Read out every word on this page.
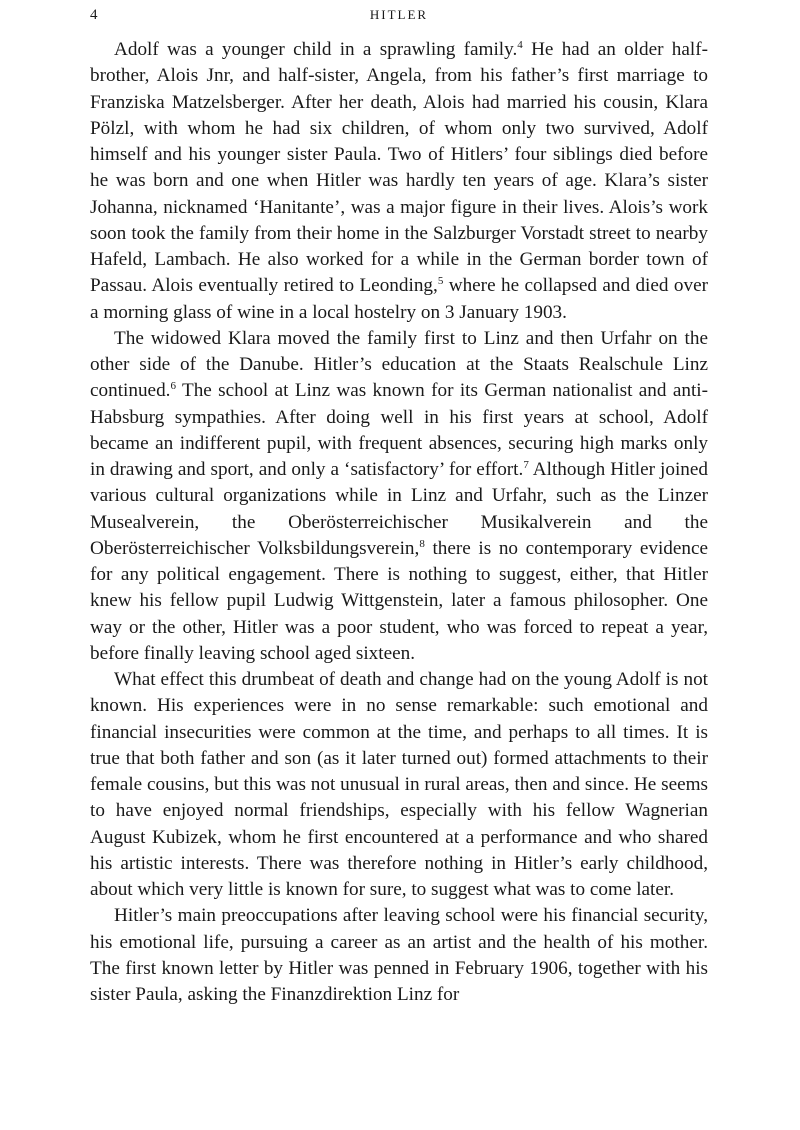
4	HITLER

Adolf was a younger child in a sprawling family.$^4$ He had an older half-brother, Alois Jnr, and half-sister, Angela, from his father’s first marriage to Franziska Matzelsberger. After her death, Alois had married his cousin, Klara Pölzl, with whom he had six children, of whom only two survived, Adolf himself and his younger sister Paula. Two of Hitlers’ four siblings died before he was born and one when Hitler was hardly ten years of age. Klara’s sister Johanna, nicknamed ‘Hanitante’, was a major figure in their lives. Alois’s work soon took the family from their home in the Salzburger Vorstadt street to nearby Hafeld, Lambach. He also worked for a while in the German border town of Passau. Alois eventually retired to Leonding,$^5$ where he collapsed and died over a morning glass of wine in a local hostelry on 3 January 1903.

The widowed Klara moved the family first to Linz and then Urfahr on the other side of the Danube. Hitler’s education at the Staats Realschule Linz continued.$^6$ The school at Linz was known for its German nationalist and anti-Habsburg sympathies. After doing well in his first years at school, Adolf became an indifferent pupil, with frequent absences, securing high marks only in drawing and sport, and only a ‘satisfactory’ for effort.$^7$ Although Hitler joined various cultural organizations while in Linz and Urfahr, such as the Linzer Musealverein, the Oberösterreichischer Musikalverein and the Oberösterreichischer Volksbildungsverein,$^8$ there is no contemporary evidence for any political engagement. There is nothing to suggest, either, that Hitler knew his fellow pupil Ludwig Wittgenstein, later a famous philosopher. One way or the other, Hitler was a poor student, who was forced to repeat a year, before finally leaving school aged sixteen.

What effect this drumbeat of death and change had on the young Adolf is not known. His experiences were in no sense remarkable: such emotional and financial insecurities were common at the time, and perhaps to all times. It is true that both father and son (as it later turned out) formed attachments to their female cousins, but this was not unusual in rural areas, then and since. He seems to have enjoyed normal friendships, especially with his fellow Wagnerian August Kubizek, whom he first encountered at a performance and who shared his artistic interests. There was therefore nothing in Hitler’s early childhood, about which very little is known for sure, to suggest what was to come later.

Hitler’s main preoccupations after leaving school were his financial security, his emotional life, pursuing a career as an artist and the health of his mother. The first known letter by Hitler was penned in February 1906, together with his sister Paula, asking the Finanzdirektion Linz for
